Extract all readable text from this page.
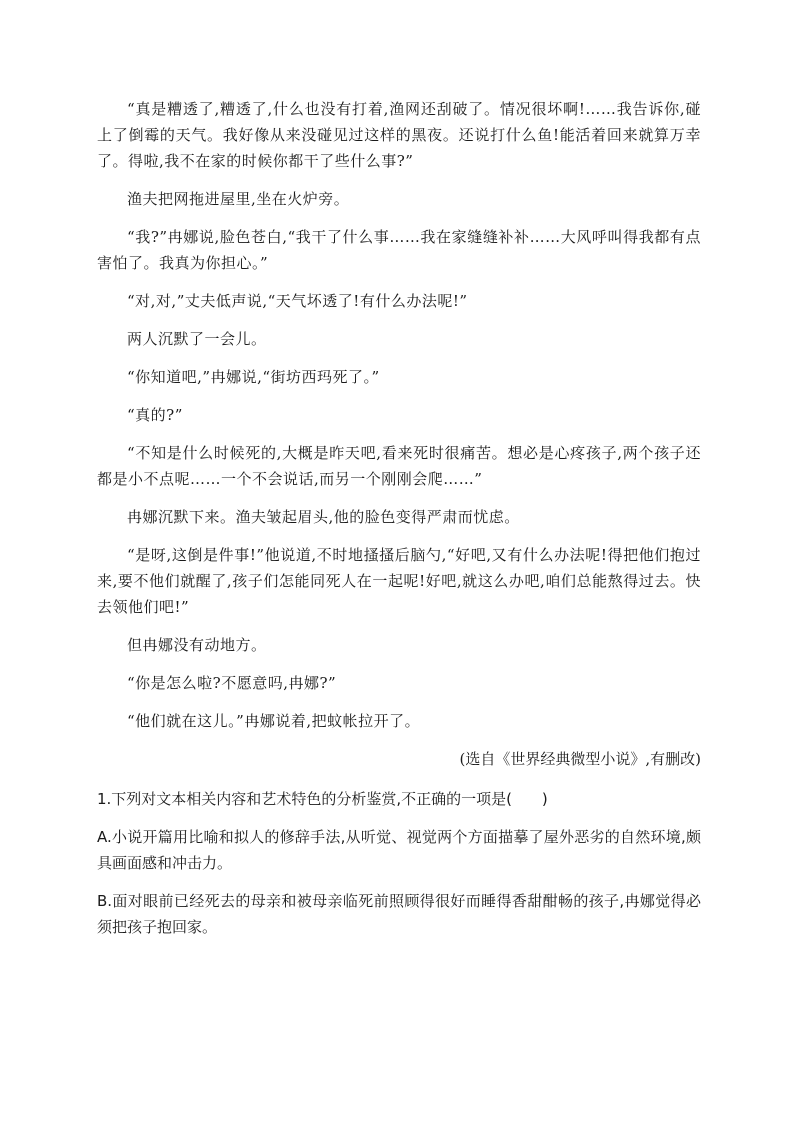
“真是糟透了,糟透了,什么也没有打着,渔网还刮破了。情况很坏啊!……我告诉你,碰上了倒霉的天气。我好像从来没碰见过这样的黑夜。还说打什么鱼!能活着回来就算万幸了。得啦,我不在家的时候你都干了些什么事?”

渔夫把网拖进屋里,坐在火炉旁。

“我?”冉娜说,脸色苍白,“我干了什么事……我在家缝缝补补……大风呼叫得我都有点害怕了。我真为你担心。”

“对,对,”丈夫低声说,“天气坏透了!有什么办法呢!”

两人沉默了一会儿。

“你知道吧,”冉娜说,“街坊西玛死了。”

“真的?”

“不知是什么时候死的,大概是昨天吧,看来死时很痛苦。想必是心疼孩子,两个孩子还都是小不点呢……一个不会说话,而另一个刚刚会爬……”

冉娜沉默下来。渔夫皱起眉头,他的脸色变得严肃而忧虑。

“是呀,这倒是件事!”他说道,不时地搔搔后脑勺,“好吧,又有什么办法呢!得把他们抱过来,要不他们就醒了,孩子们怎能同死人在一起呢!好吧,就这么办吧,咱们总能熬得过去。快去领他们吧!”

但冉娜没有动地方。

“你是怎么啦?不愿意吗,冉娜?”

“他们就在这儿。”冉娜说着,把蚊帐拉开了。

(选自《世界经典微型小说》,有删改)

1.下列对文本相关内容和艺术特色的分析鉴赏,不正确的一项是(　　)

A.小说开篇用比喻和拟人的修辞手法,从听觉、视觉两个方面描摹了屋外恶劣的自然环境,颇具画面感和冲击力。

B.面对眼前已经死去的母亲和被母亲临死前照顾得很好而睡得香甜酣畅的孩子,冉娜觉得必须把孩子抱回家。
